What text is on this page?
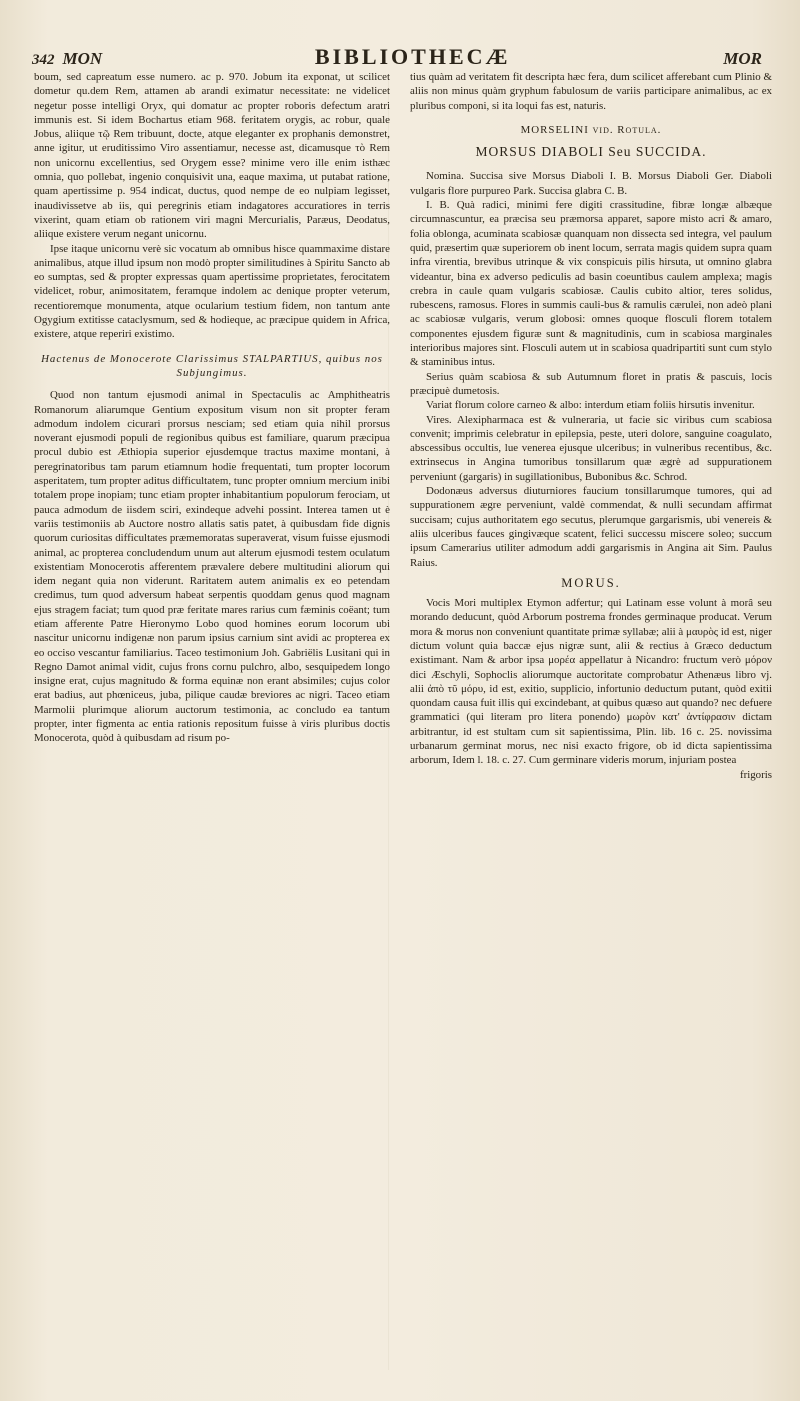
342 MON	BIBLIOTHECÆ	MOR

boum, sed capreatum esse numero. ac p. 970. Jobum ita exponat, ut scilicet dometur qu.dem Rem, attamen ab arandi eximatur necessitate: ne videlicet negetur posse intelligi Oryx, qui domatur ac propter roboris defectum aratri immunis est. Si idem Bochartus etiam 968. feritatem orygis, ac robur, quale Jobus, aliique τῷ Rem tribuunt, docte, atque eleganter ex prophanis demonstret, anne igitur, ut eruditissimo Viro assentiamur, necesse ast, dicamusque τὸ Rem non unicornu excellentius, sed Orygem esse? minime vero ille enim isthæc omnia, quo pollebat, ingenio conquisivit una, eaque maxima, ut putabat ratione, quam apertissime p. 954 indicat, ductus, quod nempe de eo nulpiam legisset, inaudivissetve ab iis, qui peregrinis etiam indagatores accuratiores in terris vixerint, quam etiam ob rationem viri magni Mercurialis, Paræus, Deodatus, aliique existere verum negant unicornu.

Ipse itaque unicornu verè sic vocatum ab omnibus hisce quammaxime distare animalibus, atque illud ipsum non modò propter similitudines à Spiritu Sancto ab eo sumptas, sed & propter expressas quam apertissime proprietates, ferocitatem videlicet, robur, animositatem, feramque indolem ac denique propter veterum, recentioremque monumenta, atque ocularium testium fidem, non tantum ante Ogygium extitisse cataclysmum, sed & hodieque, ac præcipue quidem in Africa, existere, atque reperiri existimo.

Hactenus de Monocerote Clarissimus STALPARTIUS, quibus nos Subjungimus.

Quod non tantum ejusmodi animal in Spectaculis ac Amphitheatris Romanorum aliarumque Gentium expositum visum non sit propter feram admodum indolem cicurari prorsus nesciam; sed etiam quia nihil prorsus noverant ejusmodi populi de regionibus quibus est familiare, quarum præcipua procul dubio est Æthiopia superior ejusdemque tractus maxime montani, à peregrinatoribus tam parum etiamnum hodie frequentati, tum propter locorum asperitatem, tum propter aditus difficultatem, tunc propter omnium mercium inibi totalem prope inopiam; tunc etiam propter inhabitantium populorum ferociam, ut pauca admodum de iisdem sciri, exindeque advehi possint. Interea tamen ut è variis testimoniis ab Auctore nostro allatis satis patet, à quibusdam fide dignis quorum curiositas difficultates præmemoratas superaverat, visum fuisse ejusmodi animal, ac propterea concludendum unum aut alterum ejusmodi testem oculatum existentiam Monocerotis afferentem prævalere debere multitudini aliorum qui idem negant quia non viderunt. Raritatem autem animalis ex eo petendam credimus, tum quod adversum habeat serpentis quoddam genus quod magnam ejus stragem faciat; tum quod præ feritate mares rarius cum fæminis coëant; tum etiam afferente Patre Hieronymo Lobo quod homines eorum locorum ubi nascitur unicornu indigenæ non parum ipsius carnium sint avidi ac propterea ex eo occiso vescantur familiarius. Taceo testimonium Joh. Gabriëlis Lusitani qui in Regno Damot animal vidit, cujus frons cornu pulchro, albo, sesquipedem longo insigne erat, cujus magnitudo & forma equinæ non erant absimiles; cujus color erat badius, aut phœniceus, juba, pilique caudæ breviores ac nigri. Taceo etiam Marmolii plurimque aliorum auctorum testimonia, ac concludo ea tantum propter, inter figmenta ac entia rationis repositum fuisse à viris pluribus doctis Monocerota, quòd à quibusdam ad risum po-

tius quàm ad veritatem fit descripta hæc fera, dum scilicet afferebant cum Plinio & aliis non minus quàm gryphum fabulosum de variis participare animalibus, ac ex pluribus componi, si ita loqui fas est, naturis.

MORSELINI vid. Rotula.

MORSUS DIABOLI Seu SUCCIDA.

Nomina. Succisa sive Morsus Diaboli I. B. Morsus Diaboli Ger. Diaboli vulgaris flore purpureo Park. Succisa glabra C. B.

I. B. Quà radici, minimi fere digiti crassitudine, fibræ longæ albæque circumnascuntur, ea præcisa seu præmorsa apparet, sapore misto acri & amaro, folia oblonga, acuminata scabiosæ quanquam non dissecta sed integra, vel paulum quid, præsertim quæ superiorem ob inent locum, serrata magis quidem supra quam infra virentia, brevibus utrinque & vix conspicuis pilis hirsuta, ut omnino glabra videantur, bina ex adverso pediculis ad basin coeuntibus caulem amplexa; magis crebra in caule quam vulgaris scabiosæ. Caulis cubito altior, teres solidus, rubescens, ramosus. Flores in summis cauli-bus & ramulis cærulei, non adeò plani ac scabiosæ vulgaris, verum globosi: omnes quoque flosculi florem totalem componentes ejusdem figuræ sunt & magnitudinis, cum in scabiosa marginales interioribus majores sint. Flosculi autem ut in scabiosa quadripartiti sunt cum stylo & staminibus intus.

Serius quàm scabiosa & sub Autumnum floret in pratis & pascuis, locis præcipuè dumetosis.

Variat florum colore carneo & albo: interdum etiam foliis hirsutis invenitur.

Vires. Alexipharmaca est & vulneraria, ut facie sic viribus cum scabiosa convenit; imprimis celebratur in epilepsia, peste, uteri dolore, sanguine coagulato, abscessibus occultis, lue venerea ejusque ulceribus; in vulneribus recentibus, &c. extrinsecus in Angina tumoribus tonsillarum quæ ægrè ad suppurationem perveniunt (gargaris) in sugillationibus, Bubonibus &c. Schrod.

Dodonæus adversus diuturniores faucium tonsillarumque tumores, qui ad suppurationem ægre perveniunt, valdè commendat, & nulli secundam affirmat succisam; cujus authoritatem ego secutus, plerumque gargarismis, ubi venereis & aliis ulceribus fauces gingivæque scatent, felici successu miscere soleo; succum ipsum Camerarius utiliter admodum addi gargarismis in Angina ait Sim. Paulus Raius.

MORUS.

Vocis Mori multiplex Etymon adfertur; qui Latinam esse volunt à morâ seu morando deducunt, quòd Arborum postrema frondes germinaque producat. Verum mora & morus non conveniunt quantitate primæ syllabæ; alii à μαυρὸς id est, niger dictum volunt quia baccæ ejus nigræ sunt, alii & rectius à Græco deductum existimant. Nam & arbor ipsa μορέα appellatur à Nicandro: fructum verò μόρον dici Æschyli, Sophoclis aliorumque auctoritate comprobatur Athenæus libro vj. alii ἀπὸ τῦ μόρυ, id est, exitio, supplicio, infortunio deductum putant, quòd exitii quondam causa fuit illis qui excindebant, at quibus quæso aut quando? nec defuere grammatici (qui literam pro litera ponendo) μωρὸν κατ' ἀντίφρασιν dictam arbitrantur, id est stultam cum sit sapientissima, Plin. lib. 16 c. 25. novissima urbanarum germinat morus, nec nisi exacto frigore, ob id dicta sapientissima arborum, Idem l. 18. c. 27. Cum germinare videris morum, injuriam postea

frigoris
